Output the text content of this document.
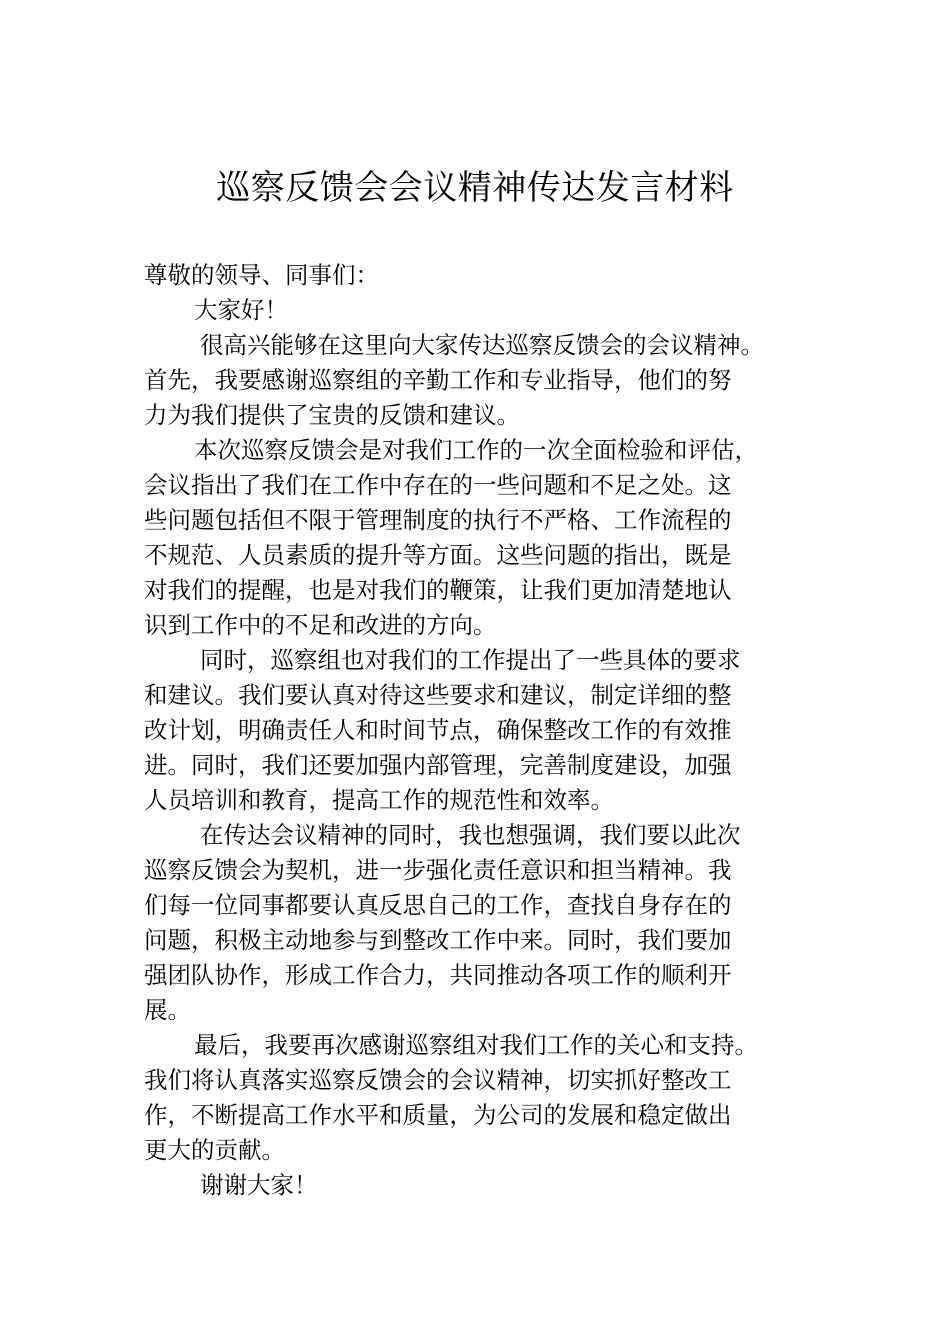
巡察反馈会会议精神传达发言材料
尊敬的领导、同事们：
大家好！
很高兴能够在这里向大家传达巡察反馈会的会议精神。
首先，我要感谢巡察组的辛勤工作和专业指导，他们的努
力为我们提供了宝贵的反馈和建议。
本次巡察反馈会是对我们工作的一次全面检验和评估，
会议指出了我们在工作中存在的一些问题和不足之处。这
些问题包括但不限于管理制度的执行不严格、工作流程的
不规范、人员素质的提升等方面。这些问题的指出，既是
对我们的提醒，也是对我们的鞭策，让我们更加清楚地认
识到工作中的不足和改进的方向。
同时，巡察组也对我们的工作提出了一些具体的要求
和建议。我们要认真对待这些要求和建议，制定详细的整
改计划，明确责任人和时间节点，确保整改工作的有效推
进。同时，我们还要加强内部管理，完善制度建设，加强
人员培训和教育，提高工作的规范性和效率。
在传达会议精神的同时，我也想强调，我们要以此次
巡察反馈会为契机，进一步强化责任意识和担当精神。我
们每一位同事都要认真反思自己的工作，查找自身存在的
问题，积极主动地参与到整改工作中来。同时，我们要加
强团队协作，形成工作合力，共同推动各项工作的顺利开
展。
最后，我要再次感谢巡察组对我们工作的关心和支持。
我们将认真落实巡察反馈会的会议精神，切实抓好整改工
作，不断提高工作水平和质量，为公司的发展和稳定做出
更大的贡献。
谢谢大家！
